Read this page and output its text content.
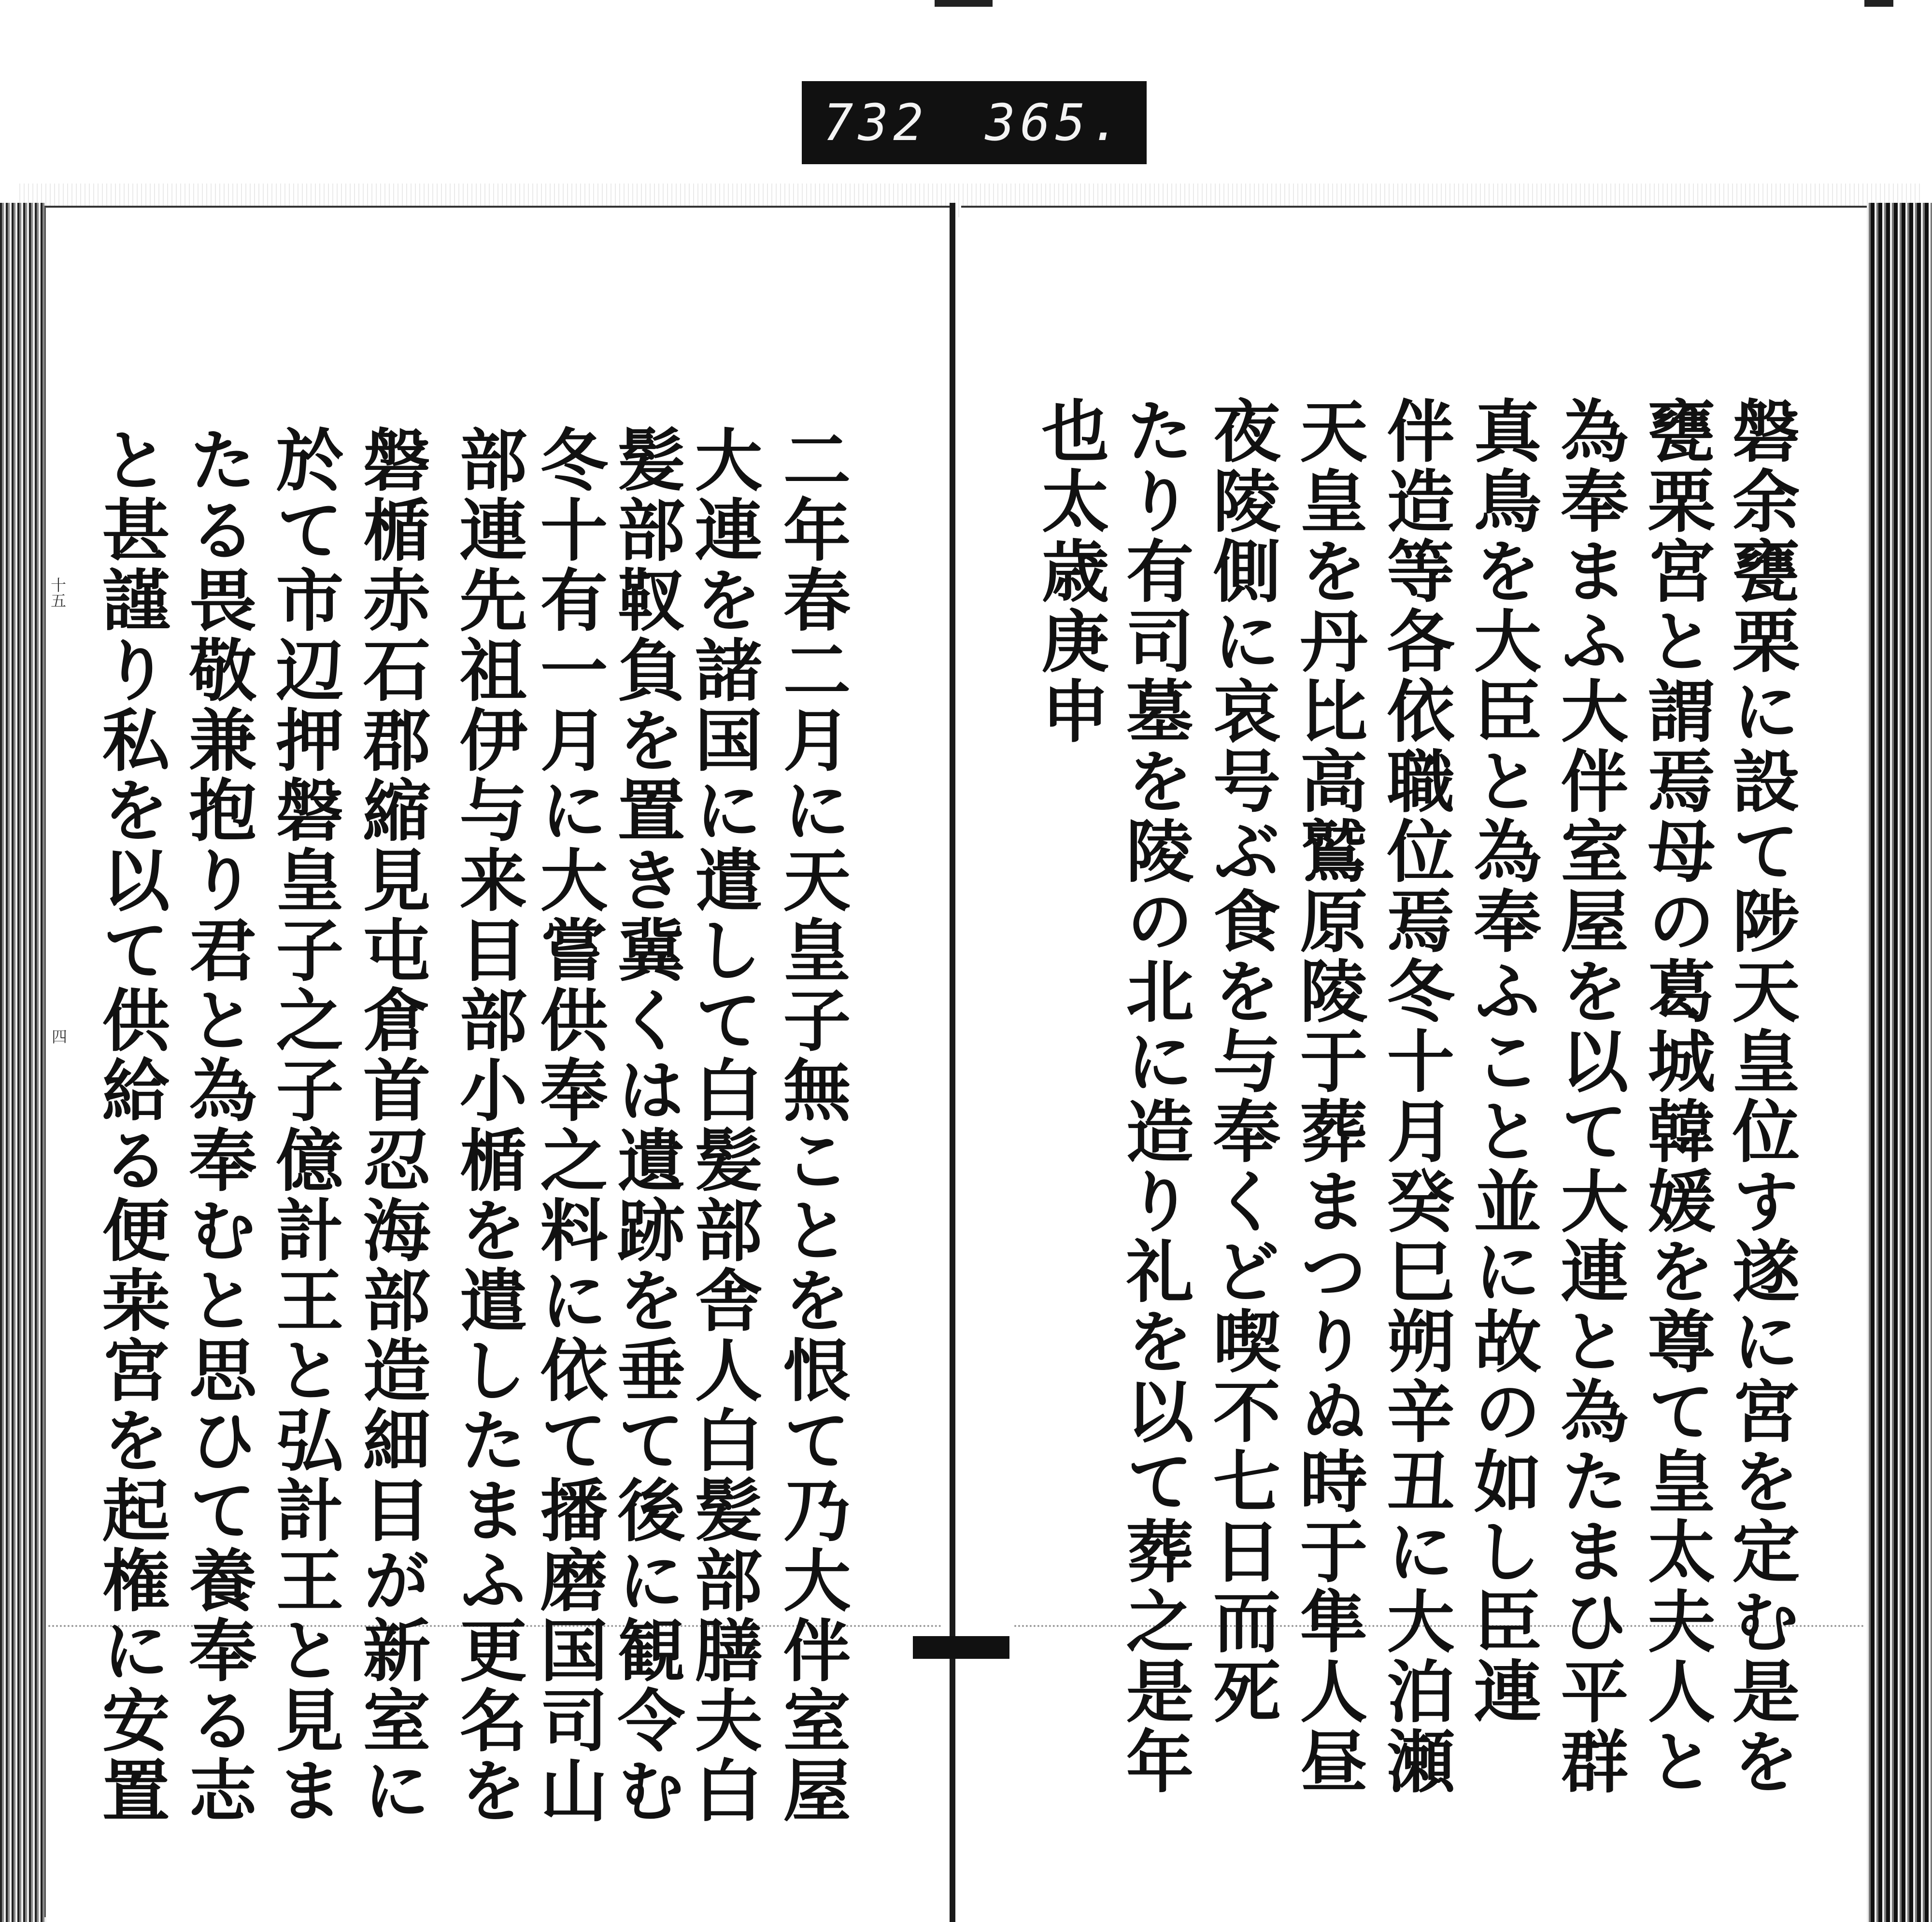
732 365.
十五
四	二年春二月に天皇子無ことを恨て乃大伴室屋
大連を諸国に遣して白髪部舎人白髪部膳夫白
髪部靫負を置き冀くは遺跡を垂て後に観令む
冬十有一月に大嘗供奉之料に依て播磨国司山
部連先祖伊与来目部小楯を遣したまふ更名を
磐楯赤石郡縮見屯倉首忍海部造細目が新室に
於て市辺押磐皇子之子億計王と弘計王と見ま
たる畏敬兼抱り君と為奉むと思ひて養奉る志
と甚謹り私を以て供給る便桒宮を起権に安置	磐余甕栗に設て陟天皇位す遂に宮を定む是を
甕栗宮と謂焉母の葛城韓媛を尊て皇太夫人と
為奉まふ大伴室屋を以て大連と為たまひ平群
真鳥を大臣と為奉ふこと並に故の如し臣連
伴造等各依職位焉冬十月癸巳朔辛丑に大泊瀬
天皇を丹比高鷲原陵于葬まつりぬ時于隼人昼
夜陵側に哀号ぶ食を与奉くど喫不七日而死
たり有司墓を陵の北に造り礼を以て葬之是年
也太歳庚申
